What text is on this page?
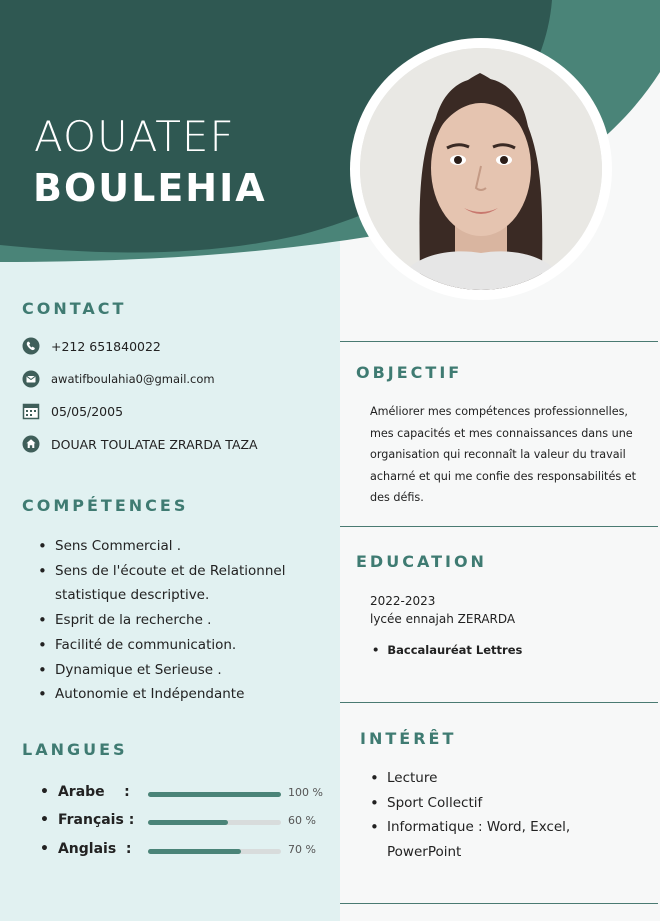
AOUATEF
BOULEHIA
CONTACT
+212 651840022
awatifboulahia0@gmail.com
05/05/2005
DOUAR TOULATAE ZRARDA TAZA
COMPÉTENCES
• Sens Commercial .
• Sens de l'écoute et de Relationnel
statistique descriptive.
• Esprit de la recherche .
• Facilité de communication.
• Dynamique et Serieuse .
• Autonomie et Indépendante
LANGUES
• Arabe :	100 %
• Français :	60 %
• Anglais :	70 %
OBJECTIF
Améliorer mes compétences professionnelles,
mes capacités et mes connaissances dans une
organisation qui reconnaît la valeur du travail
acharné et qui me confie des responsabilités et
des défis.
EDUCATION
2022-2023
lycée ennajah ZERARDA
•  Baccalauréat Lettres
INTÉRÊT
• Lecture
• Sport Collectif
• Informatique : Word, Excel,
PowerPoint
